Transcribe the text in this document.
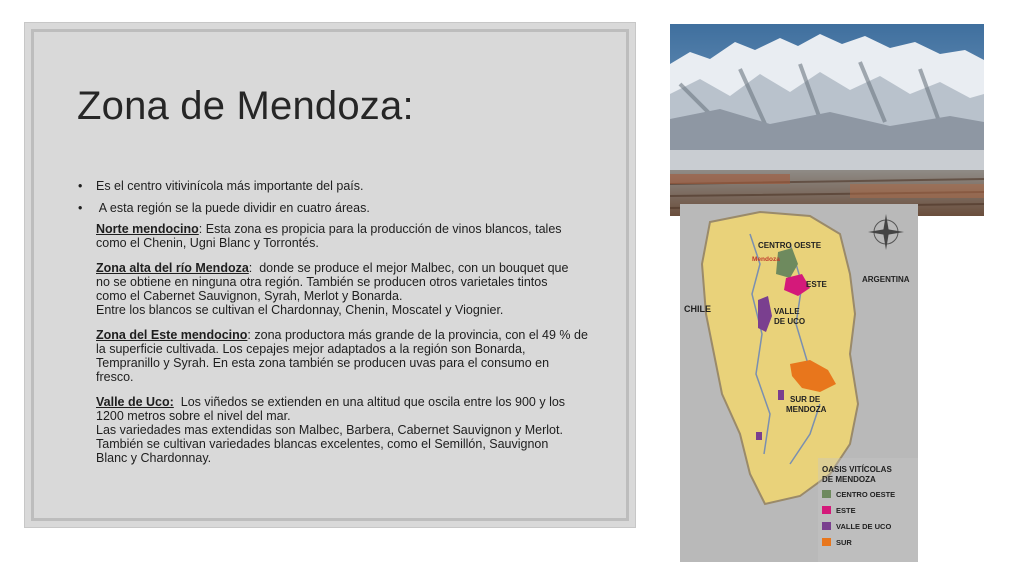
Zona de Mendoza:
• Es el centro vitivinícola más importante del país.
• A esta región se la puede dividir en cuatro áreas.
Norte mendocino: Esta zona es propicia para la producción de vinos blancos, tales
como el Chenin, Ugni Blanc y Torrontés.
Zona alta del río Mendoza:  donde se produce el mejor Malbec, con un bouquet que
no se obtiene en ninguna otra región. También se producen otros varietales tintos
como el Cabernet Sauvignon, Syrah, Merlot y Bonarda.
Entre los blancos se cultivan el Chardonnay, Chenin, Moscatel y Viognier.
Zona del Este mendocino: zona productora más grande de la provincia, con el 49 % de
la superficie cultivada. Los cepajes mejor adaptados a la región son Bonarda,
Tempranillo y Syrah. En esta zona también se producen uvas para el consumo en
fresco.
Valle de Uco: Los viñedos se extienden en una altitud que oscila entre los 900 y los
1200 metros sobre el nivel del mar.
Las variedades mas extendidas son Malbec, Barbera, Cabernet Sauvignon y Merlot.
También se cultivan variedades blancas excelentes, como el Semillón, Sauvignon
Blanc y Chardonnay.
CENTRO OESTE
Mendoza
ESTE
VALLE
DE UCO
SUR DE
MENDOZA
CHILE
ARGENTINA
OASIS VITÍCOLAS
DE MENDOZA
CENTRO OESTE
ESTE
VALLE DE UCO
SUR
